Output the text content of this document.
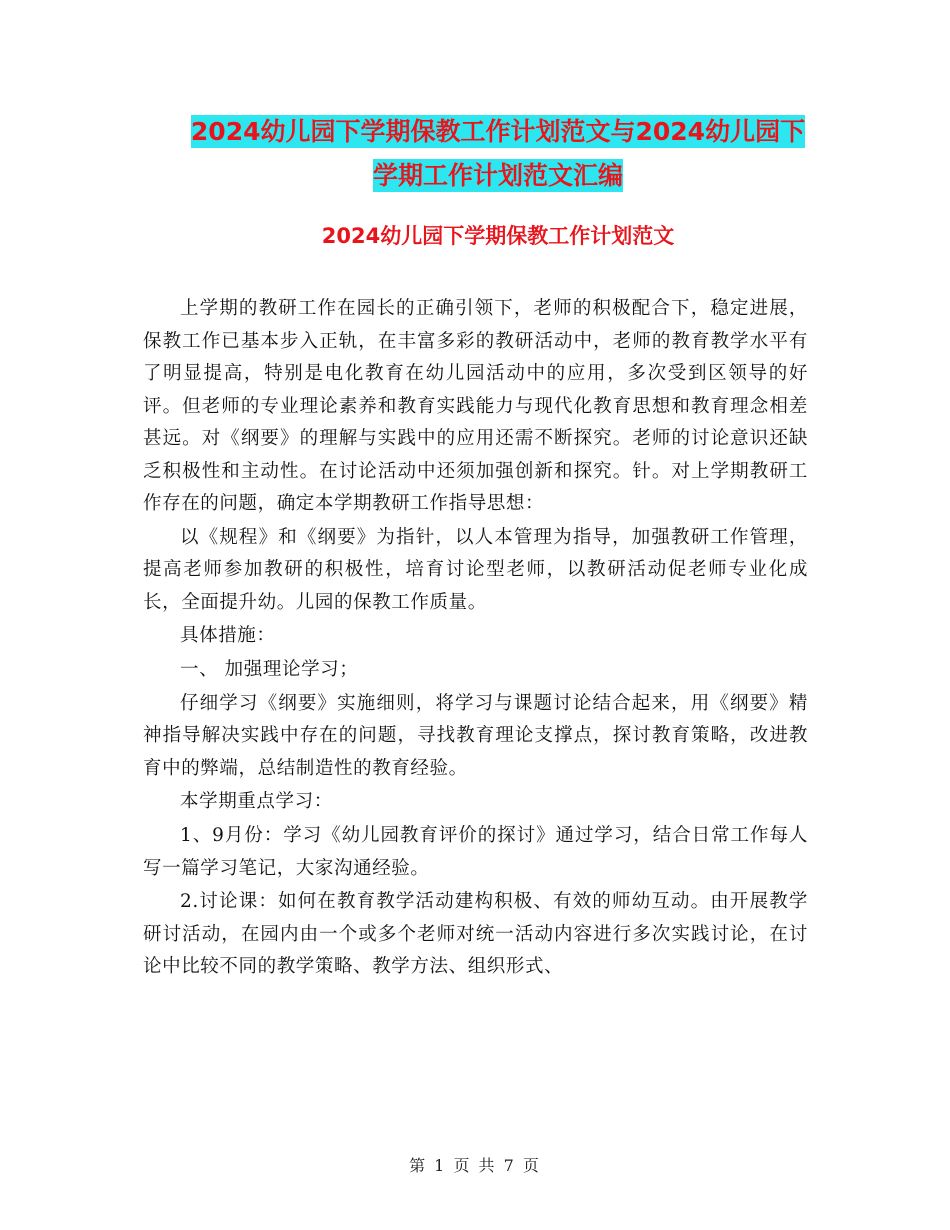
2024幼儿园下学期保教工作计划范文与2024幼儿园下
学期工作计划范文汇编
2024幼儿园下学期保教工作计划范文

上学期的教研工作在园长的正确引领下，老师的积极配合下，稳定进展，保教工作已基本步入正轨，在丰富多彩的教研活动中，老师的教育教学水平有了明显提高，特别是电化教育在幼儿园活动中的应用，多次受到区领导的好评。但老师的专业理论素养和教育实践能力与现代化教育思想和教育理念相差甚远。对《纲要》的理解与实践中的应用还需不断探究。老师的讨论意识还缺乏积极性和主动性。在讨论活动中还须加强创新和探究。针。对上学期教研工作存在的问题，确定本学期教研工作指导思想：

以《规程》和《纲要》为指针，以人本管理为指导，加强教研工作管理，提高老师参加教研的积极性，培育讨论型老师，以教研活动促老师专业化成长，全面提升幼。儿园的保教工作质量。

具体措施：

一、 加强理论学习；

仔细学习《纲要》实施细则，将学习与课题讨论结合起来，用《纲要》精神指导解决实践中存在的问题，寻找教育理论支撑点，探讨教育策略，改进教育中的弊端，总结制造性的教育经验。

本学期重点学习：

1、9月份：学习《幼儿园教育评价的探讨》通过学习，结合日常工作每人写一篇学习笔记，大家沟通经验。

2.讨论课：如何在教育教学活动建构积极、有效的师幼互动。由开展教学研讨活动，在园内由一个或多个老师对统一活动内容进行多次实践讨论，在讨论中比较不同的教学策略、教学方法、组织形式、

第 1 页 共 7 页
